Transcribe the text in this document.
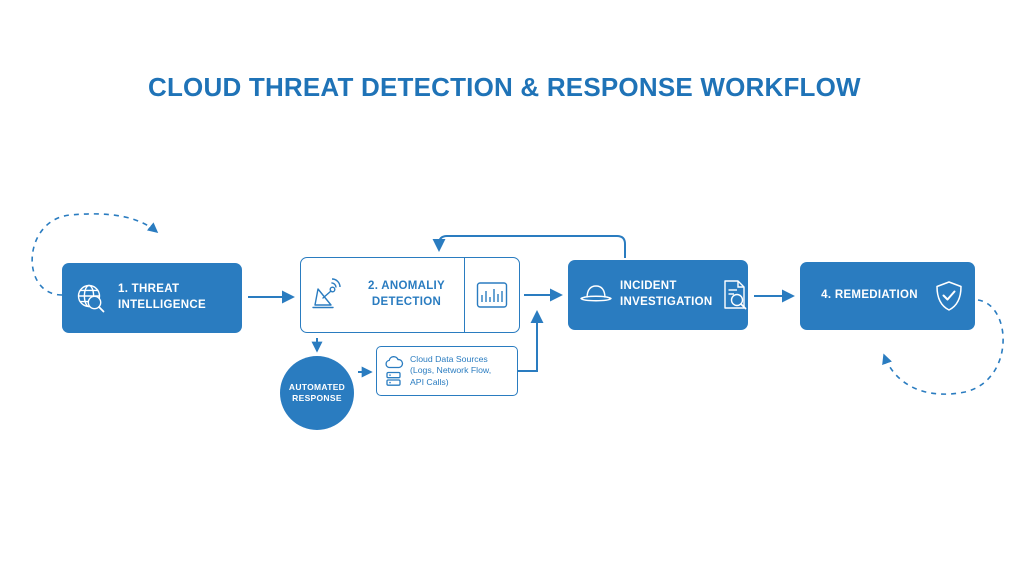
CLOUD THREAT DETECTION & RESPONSE WORKFLOW
1. THREAT
INTELLIGENCE
2. ANOMALIY
DETECTION
INCIDENT
INVESTIGATION
4. REMEDIATION
AUTOMATED
RESPONSE
Cloud Data Sources
(Logs, Network Flow,
API Calls)
